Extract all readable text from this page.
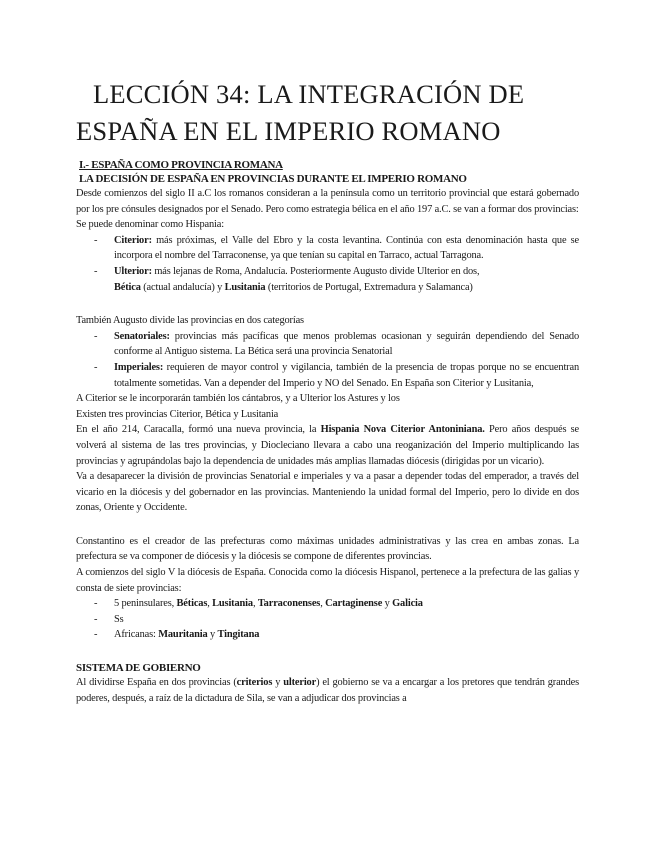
LECCIÓN 34: LA INTEGRACIÓN DE
ESPAÑA EN EL IMPERIO ROMANO
I.- ESPAÑA COMO PROVINCIA ROMANA
LA DECISIÓN DE ESPAÑA EN PROVINCIAS DURANTE EL IMPERIO ROMANO

Desde comienzos del siglo II a.C los romanos consideran a la península como un territorio provincial que estará gobernado por los pre cónsules designados por el Senado. Pero como estrategia bélica en el año 197 a.C. se van a formar dos provincias:

Se puede denominar como Hispania:
- Citerior: más próximas, el Valle del Ebro y la costa levantina. Continúa con esta denominación hasta que se incorpora el nombre del Tarraconense, ya que tenían su capital en Tarraco, actual Tarragona.
- Ulterior: más lejanas de Roma, Andalucía. Posteriormente Augusto divide Ulterior en dos,
Bética (actual andalucía) y Lusitania (territorios de Portugal, Extremadura y Salamanca)
También Augusto divide las provincias en dos categorías
- Senatoriales: provincias más pacíficas que menos problemas ocasionan y seguirán dependiendo del Senado conforme al Antiguo sistema. La Bética será una provincia Senatorial
- Imperiales: requieren de mayor control y vigilancia, también de la presencia de tropas porque no se encuentran totalmente sometidas. Van a depender del Imperio y NO del Senado. En España son Citerior y Lusitania,
A Citerior se le incorporarán también los cántabros, y a Ulterior los Astures y los
Existen tres provincias Citerior, Bética y Lusitania

En el año 214, Caracalla, formó una nueva provincia, la Hispania Nova Citerior Antoniniana. Pero años después se volverá al sistema de las tres provincias, y Diocleciano llevara a cabo una reoganización del Imperio multiplicando las provincias y agrupándolas bajo la dependencia de unidades más amplias llamadas diócesis (dirigidas por un vicario).

Va a desaparecer la división de provincias Senatorial e imperiales y va a pasar a depender todas del emperador, a través del vicario en la diócesis y del gobernador en las provincias. Manteniendo la unidad formal del Imperio, pero lo divide en dos zonas, Oriente y Occidente.

Constantino es el creador de las prefecturas como máximas unidades administrativas y las crea en ambas zonas. La prefectura se va componer de diócesis y la diócesis se compone de diferentes provincias.

A comienzos del siglo V la diócesis de España. Conocida como la diócesis Hispanol, pertenece a la prefectura de las galias y consta de siete provincias:

- 5 peninsulares, Béticas, Lusitania, Tarraconenses, Cartaginense y Galicia
- Ss
- Africanas: Mauritania y Tingitana
SISTEMA DE GOBIERNO

Al dividirse España en dos provincias (criterios y ulterior) el gobierno se va a encargar a los pretores que tendrán grandes poderes, después, a raíz de la dictadura de Sila, se van a adjudicar dos provincias a
